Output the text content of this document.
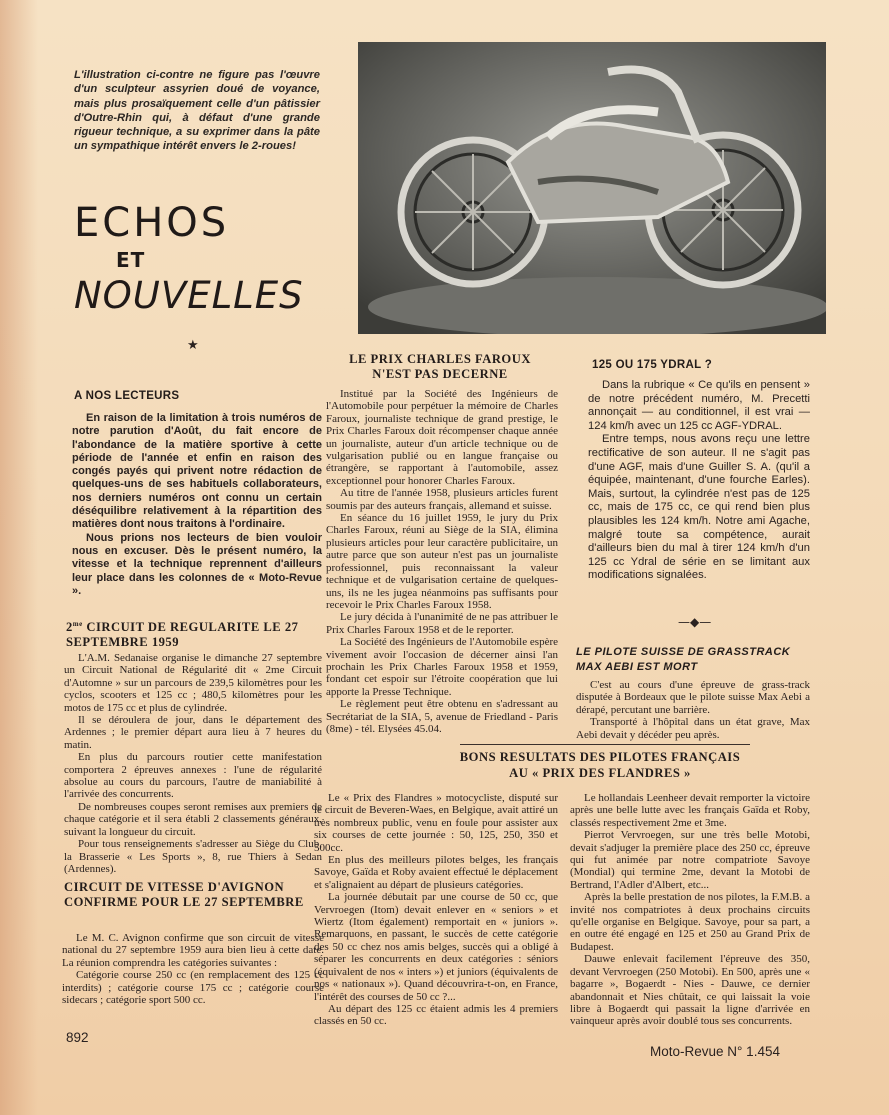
L'illustration ci-contre ne figure pas l'œuvre d'un sculpteur assyrien doué de voyance, mais plus prosaïquement celle d'un pâtissier d'Outre-Rhin qui, à défaut d'une grande rigueur technique, a su exprimer dans la pâte un sympathique intérêt envers le 2-roues!
ECHOS
ET
NOUVELLES
★
A NOS LECTEURS
En raison de la limitation à trois numéros de notre parution d'Août, du fait encore de l'abondance de la matière sportive à cette période de l'année et enfin en raison des congés payés qui privent notre rédaction de quelques-uns de ses habituels collaborateurs, nos derniers numéros ont connu un certain déséquilibre relativement à la répartition des matières dont nous traitons à l'ordinaire.
Nous prions nos lecteurs de bien vouloir nous en excuser. Dès le présent numéro, la vitesse et la technique reprennent d'ailleurs leur place dans les colonnes de « Moto-Revue ».
$2^{me}$ CIRCUIT DE REGULARITE LE 27 SEPTEMBRE 1959
L'A.M. Sedanaise organise le dimanche 27 septembre un Circuit National de Régularité dit « 2me Circuit d'Automne » sur un parcours de 239,5 kilomètres pour les cyclos, scooters et 125 cc ; 480,5 kilomètres pour les motos de 175 cc et plus de cylindrée.
Il se déroulera de jour, dans le département des Ardennes ; le premier départ aura lieu à 7 heures du matin.
En plus du parcours routier cette manifestation comportera 2 épreuves annexes : l'une de régularité absolue au cours du parcours, l'autre de maniabilité à l'arrivée des concurrents.
De nombreuses coupes seront remises aux premiers de chaque catégorie et il sera établi 2 classements généraux, suivant la longueur du circuit.
Pour tous renseignements s'adresser au Siège du Club, la Brasserie « Les Sports », 8, rue Thiers à Sedan (Ardennes).
CIRCUIT DE VITESSE D'AVIGNON CONFIRME POUR LE 27 SEPTEMBRE
Le M. C. Avignon confirme que son circuit de vitesse national du 27 septembre 1959 aura bien lieu à cette date. La réunion comprendra les catégories suivantes :
Catégorie course 250 cc (en remplacement des 125 cc interdits) ; catégorie course 175 cc ; catégorie course sidecars ; catégorie sport 500 cc.
LE PRIX CHARLES FAROUX N'EST PAS DECERNE
Institué par la Société des Ingénieurs de l'Automobile pour perpétuer la mémoire de Charles Faroux, journaliste technique de grand prestige, le Prix Charles Faroux doit récompenser chaque année un journaliste, auteur d'un article technique ou de vulgarisation publié ou en langue française ou étrangère, se rapportant à l'automobile, assez exceptionnel pour honorer Charles Faroux.
Au titre de l'année 1958, plusieurs articles furent soumis par des auteurs français, allemand et suisse.
En séance du 16 juillet 1959, le jury du Prix Charles Faroux, réuni au Siège de la SIA, élimina plusieurs articles pour leur caractère publicitaire, un autre parce que son auteur n'est pas un journaliste professionnel, puis reconnaissant la valeur technique et de vulgarisation certaine de quelques-uns, ils ne les jugea néanmoins pas suffisants pour recevoir le Prix Charles Faroux 1958.
Le jury décida à l'unanimité de ne pas attribuer le Prix Charles Faroux 1958 et de le reporter.
La Société des Ingénieurs de l'Automobile espère vivement avoir l'occasion de décerner ainsi l'an prochain les Prix Charles Faroux 1958 et 1959, fondant cet espoir sur l'étroite coopération que lui apporte la Presse Technique.
Le règlement peut être obtenu en s'adressant au Secrétariat de la SIA, 5, avenue de Friedland - Paris (8me) - tél. Elysées 45.04.
125 OU 175 YDRAL ?
Dans la rubrique « Ce qu'ils en pensent » de notre précédent numéro, M. Precetti annonçait — au conditionnel, il est vrai — 124 km/h avec un 125 cc AGF-YDRAL.
Entre temps, nous avons reçu une lettre rectificative de son auteur. Il ne s'agit pas d'une AGF, mais d'une Guiller S. A. (qu'il a équipée, maintenant, d'une fourche Earles). Mais, surtout, la cylindrée n'est pas de 125 cc, mais de 175 cc, ce qui rend bien plus plausibles les 124 km/h. Notre ami Agache, malgré toute sa compétence, aurait d'ailleurs bien du mal à tirer 124 km/h d'un 125 cc Ydral de série en se limitant aux modifications signalées.
—◆—
LE PILOTE SUISSE DE GRASSTRACK MAX AEBI EST MORT
C'est au cours d'une épreuve de grass-track disputée à Bordeaux que le pilote suisse Max Aebi a dérapé, percutant une barrière.
Transporté à l'hôpital dans un état grave, Max Aebi devait y décéder peu après.
BONS RESULTATS DES PILOTES FRANÇAIS
AU « PRIX DES FLANDRES »
Le « Prix des Flandres » motocycliste, disputé sur le circuit de Beveren-Waes, en Belgique, avait attiré un très nombreux public, venu en foule pour assister aux six courses de cette journée : 50, 125, 250, 350 et 500cc.
En plus des meilleurs pilotes belges, les français Savoye, Gaïda et Roby avaient effectué le déplacement et s'alignaient au départ de plusieurs catégories.
La journée débutait par une course de 50 cc, que Vervroegen (Itom) devait enlever en « seniors » et Wiertz (Itom également) remportait en « juniors ». Remarquons, en passant, le succès de cette catégorie des 50 cc chez nos amis belges, succès qui a obligé à séparer les concurrents en deux catégories : séniors (équivalent de nos « inters ») et juniors (équivalents de nos « nationaux »). Quand découvrira-t-on, en France, l'intérêt des courses de 50 cc ?...
Au départ des 125 cc étaient admis les 4 premiers classés en 50 cc.
Le hollandais Leenheer devait remporter la victoire après une belle lutte avec les français Gaïda et Roby, classés respectivement 2me et 3me.
Pierrot Vervroegen, sur une très belle Motobi, devait s'adjuger la première place des 250 cc, épreuve qui fut animée par notre compatriote Savoye (Mondial) qui termine 2me, devant la Motobi de Bertrand, l'Adler d'Albert, etc...
Après la belle prestation de nos pilotes, la F.M.B. a invité nos compatriotes à deux prochains circuits qu'elle organise en Belgique. Savoye, pour sa part, a en outre été engagé en 125 et 250 au Grand Prix de Budapest.
Dauwe enlevait facilement l'épreuve des 350, devant Vervroegen (250 Motobi). En 500, après une « bagarre », Bogaerdt - Nies - Dauwe, ce dernier abandonnait et Nies chûtait, ce qui laissait la voie libre à Bogaerdt qui passait la ligne d'arrivée en vainqueur après avoir doublé tous ses concurrents.
892
Moto-Revue N° 1.454
